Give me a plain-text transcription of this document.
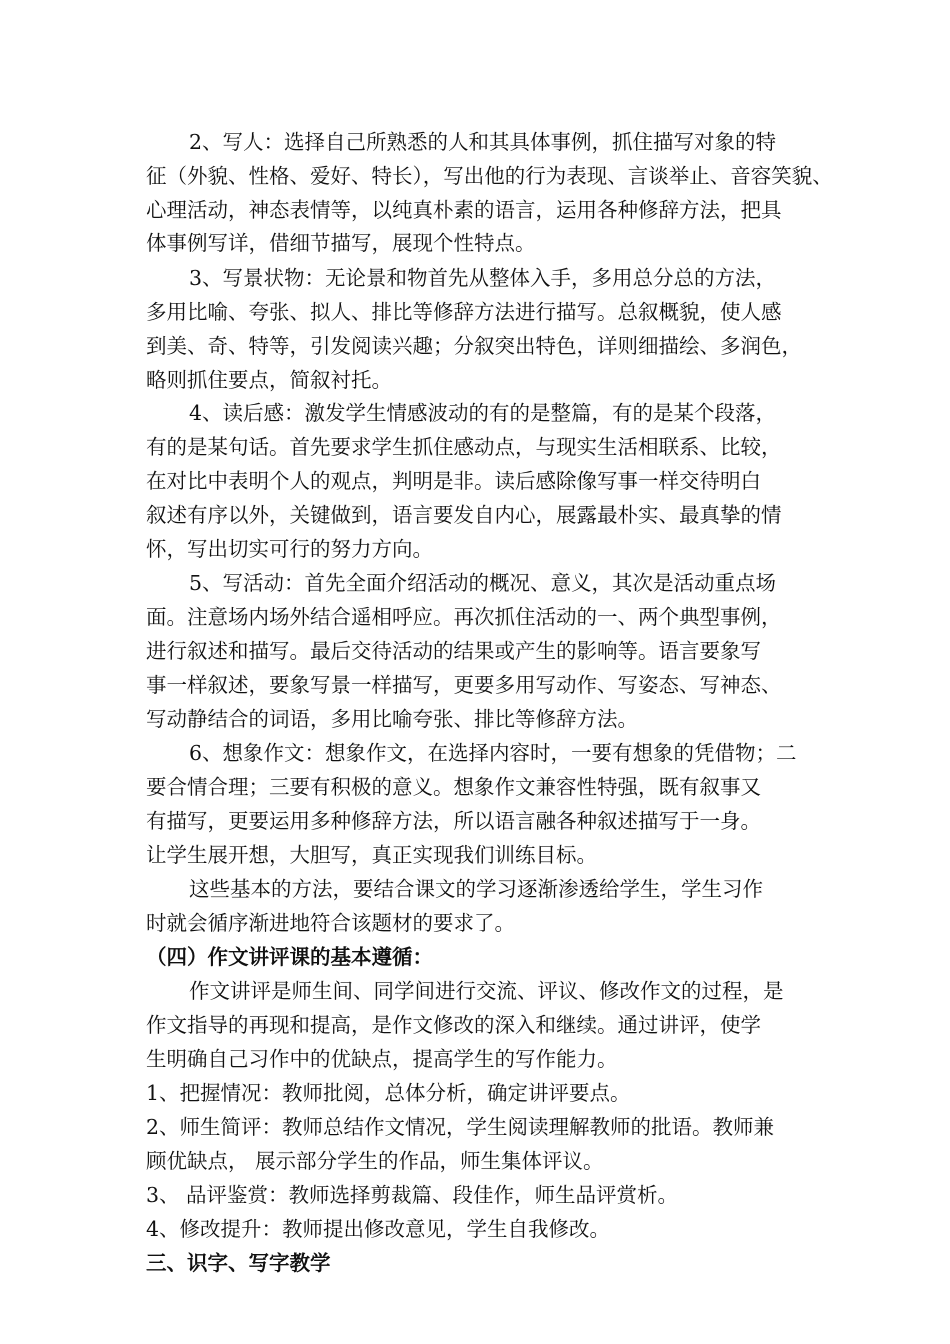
2、写人：选择自己所熟悉的人和其具体事例，抓住描写对象的特
征（外貌、性格、爱好、特长），写出他的行为表现、言谈举止、音容笑貌、
心理活动，神态表情等，以纯真朴素的语言，运用各种修辞方法，把具
体事例写详，借细节描写，展现个性特点。
3、写景状物：无论景和物首先从整体入手，多用总分总的方法，
多用比喻、夸张、拟人、排比等修辞方法进行描写。总叙概貌，使人感
到美、奇、特等，引发阅读兴趣；分叙突出特色，详则细描绘、多润色，
略则抓住要点，简叙衬托。
4、读后感：激发学生情感波动的有的是整篇，有的是某个段落，
有的是某句话。首先要求学生抓住感动点，与现实生活相联系、比较，
在对比中表明个人的观点，判明是非。读后感除像写事一样交待明白
叙述有序以外，关键做到，语言要发自内心，展露最朴实、最真挚的情
怀，写出切实可行的努力方向。
5、写活动：首先全面介绍活动的概况、意义，其次是活动重点场
面。注意场内场外结合遥相呼应。再次抓住活动的一、两个典型事例，
进行叙述和描写。最后交待活动的结果或产生的影响等。语言要象写
事一样叙述，要象写景一样描写，更要多用写动作、写姿态、写神态、
写动静结合的词语，多用比喻夸张、排比等修辞方法。
6、想象作文：想象作文，在选择内容时，一要有想象的凭借物；二
要合情合理；三要有积极的意义。想象作文兼容性特强，既有叙事又
有描写，更要运用多种修辞方法，所以语言融各种叙述描写于一身。
让学生展开想，大胆写，真正实现我们训练目标。
这些基本的方法，要结合课文的学习逐渐渗透给学生，学生习作
时就会循序渐进地符合该题材的要求了。
（四）作文讲评课的基本遵循：
作文讲评是师生间、同学间进行交流、评议、修改作文的过程，是
作文指导的再现和提高，是作文修改的深入和继续。通过讲评，使学
生明确自己习作中的优缺点，提高学生的写作能力。
1、把握情况：教师批阅，总体分析，确定讲评要点。
2、师生简评：教师总结作文情况，学生阅读理解教师的批语。教师兼
顾优缺点， 展示部分学生的作品，师生集体评议。
3、 品评鉴赏：教师选择剪裁篇、段佳作，师生品评赏析。
4、修改提升：教师提出修改意见，学生自我修改。
三、识字、写字教学
